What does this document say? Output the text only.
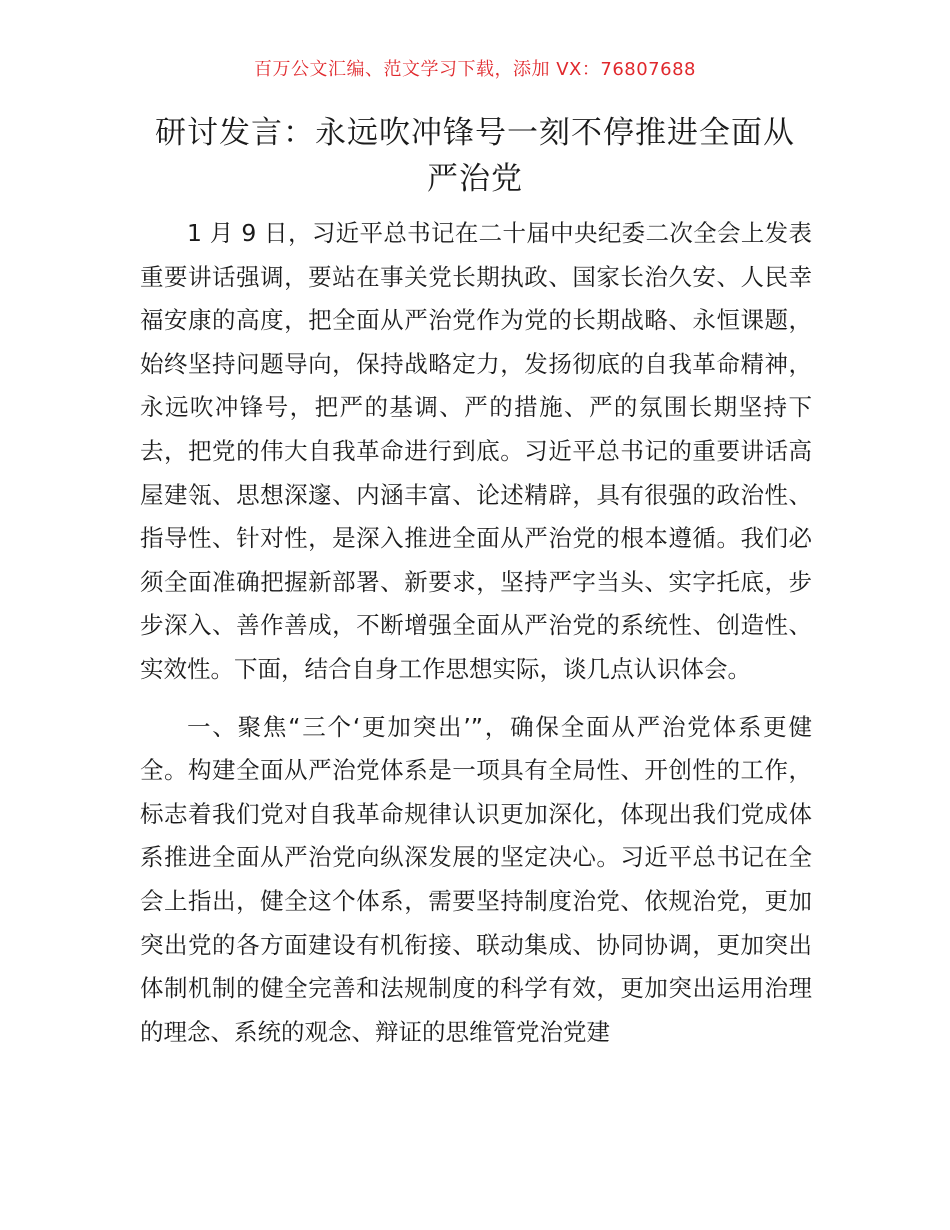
百万公文汇编、范文学习下载，添加 VX：76807688
研讨发言：永远吹冲锋号一刻不停推进全面从严治党

1 月 9 日，习近平总书记在二十届中央纪委二次全会上发表重要讲话强调，要站在事关党长期执政、国家长治久安、人民幸福安康的高度，把全面从严治党作为党的长期战略、永恒课题，始终坚持问题导向，保持战略定力，发扬彻底的自我革命精神，永远吹冲锋号，把严的基调、严的措施、严的氛围长期坚持下去，把党的伟大自我革命进行到底。习近平总书记的重要讲话高屋建瓴、思想深邃、内涵丰富、论述精辟，具有很强的政治性、指导性、针对性，是深入推进全面从严治党的根本遵循。我们必须全面准确把握新部署、新要求，坚持严字当头、实字托底，步步深入、善作善成，不断增强全面从严治党的系统性、创造性、实效性。下面，结合自身工作思想实际，谈几点认识体会。

一、聚焦“三个‘更加突出’”，确保全面从严治党体系更健全。构建全面从严治党体系是一项具有全局性、开创性的工作，标志着我们党对自我革命规律认识更加深化，体现出我们党成体系推进全面从严治党向纵深发展的坚定决心。习近平总书记在全会上指出，健全这个体系，需要坚持制度治党、依规治党，更加突出党的各方面建设有机衔接、联动集成、协同协调，更加突出体制机制的健全完善和法规制度的科学有效，更加突出运用治理的理念、系统的观念、辩证的思维管党治党建
